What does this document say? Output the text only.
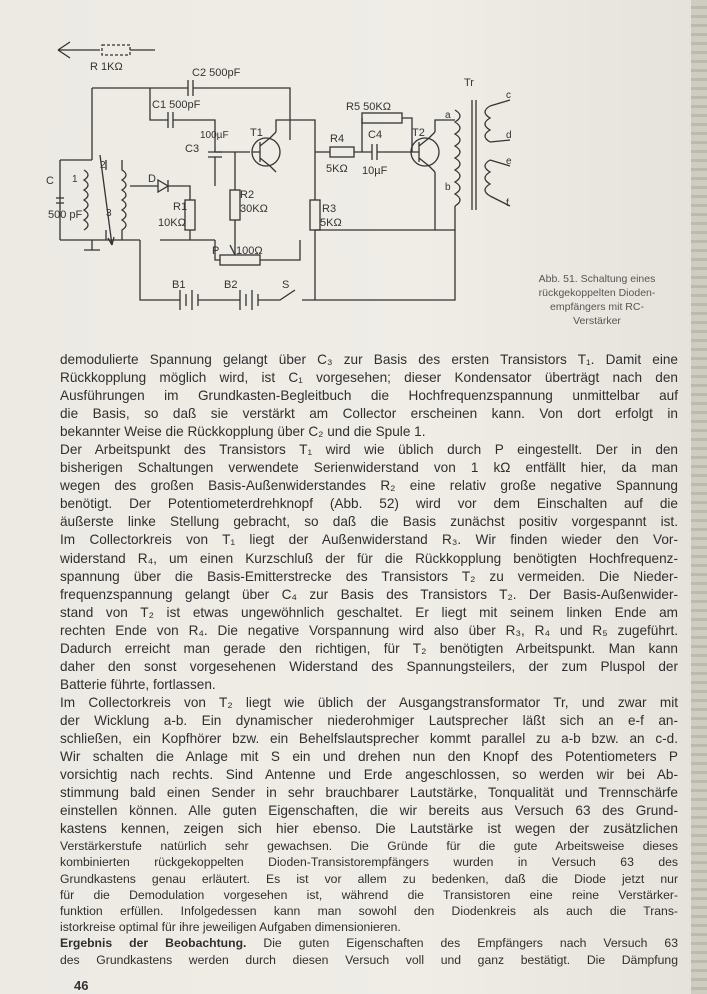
R 1KΩ	C2 500pF
C1 500pF
C3
100µF T1	T2
R5 50KΩ
R4
5KΩ
C4
10µF
R2
30KΩ
R1
10KΩ
R3
5KΩ
C
500 pF
D
P 100Ω
B1	B2	S
Tr
1
2
3
a
b
c
d
e
f
Abb. 51. Schaltung eines
rückgekoppelten Dioden-
empfängers mit RC-
Verstärker
demodulierte Spannung gelangt über C₃ zur Basis des ersten Transistors T₁. Damit eine
Rückkopplung möglich wird, ist C₁ vorgesehen; dieser Kondensator überträgt nach den
Ausführungen im Grundkasten-Begleitbuch die Hochfrequenzspannung unmittelbar auf
die Basis, so daß sie verstärkt am Collector erscheinen kann. Von dort erfolgt in
bekannter Weise die Rückkopplung über C₂ und die Spule 1.
Der Arbeitspunkt des Transistors T₁ wird wie üblich durch P eingestellt. Der in den
bisherigen Schaltungen verwendete Serienwiderstand von 1 kΩ entfällt hier, da man
wegen des großen Basis-Außenwiderstandes R₂ eine relativ große negative Spannung
benötigt. Der Potentiometerdrehknopf (Abb. 52) wird vor dem Einschalten auf die
äußerste linke Stellung gebracht, so daß die Basis zunächst positiv vorgespannt ist.
Im Collectorkreis von T₁ liegt der Außenwiderstand R₃. Wir finden wieder den Vor-
widerstand R₄, um einen Kurzschluß der für die Rückkopplung benötigten Hochfrequenz-
spannung über die Basis-Emitterstrecke des Transistors T₂ zu vermeiden. Die Nieder-
frequenzspannung gelangt über C₄ zur Basis des Transistors T₂. Der Basis-Außenwider-
stand von T₂ ist etwas ungewöhnlich geschaltet. Er liegt mit seinem linken Ende am
rechten Ende von R₄. Die negative Vorspannung wird also über R₃, R₄ und R₅ zugeführt.
Dadurch erreicht man gerade den richtigen, für T₂ benötigten Arbeitspunkt. Man kann
daher den sonst vorgesehenen Widerstand des Spannungsteilers, der zum Pluspol der
Batterie führte, fortlassen.
Im Collectorkreis von T₂ liegt wie üblich der Ausgangstransformator Tr, und zwar mit
der Wicklung a-b. Ein dynamischer niederohmiger Lautsprecher läßt sich an e-f an-
schließen, ein Kopfhörer bzw. ein Behelfslautsprecher kommt parallel zu a-b bzw. an c-d.
Wir schalten die Anlage mit S ein und drehen nun den Knopf des Potentiometers P
vorsichtig nach rechts. Sind Antenne und Erde angeschlossen, so werden wir bei Ab-
stimmung bald einen Sender in sehr brauchbarer Lautstärke, Tonqualität und Trennschärfe
einstellen können. Alle guten Eigenschaften, die wir bereits aus Versuch 63 des Grund-
kastens kennen, zeigen sich hier ebenso. Die Lautstärke ist wegen der zusätzlichen
Verstärkerstufe natürlich sehr gewachsen. Die Gründe für die gute Arbeitsweise dieses
kombinierten rückgekoppelten Dioden-Transistorempfängers wurden in Versuch 63 des
Grundkastens genau erläutert. Es ist vor allem zu bedenken, daß die Diode jetzt nur
für die Demodulation vorgesehen ist, während die Transistoren eine reine Verstärker-
funktion erfüllen. Infolgedessen kann man sowohl den Diodenkreis als auch die Trans-
istorkreise optimal für ihre jeweiligen Aufgaben dimensionieren.
Ergebnis der Beobachtung. Die guten Eigenschaften des Empfängers nach Versuch 63
des Grundkastens werden durch diesen Versuch voll und ganz bestätigt. Die Dämpfung
46
